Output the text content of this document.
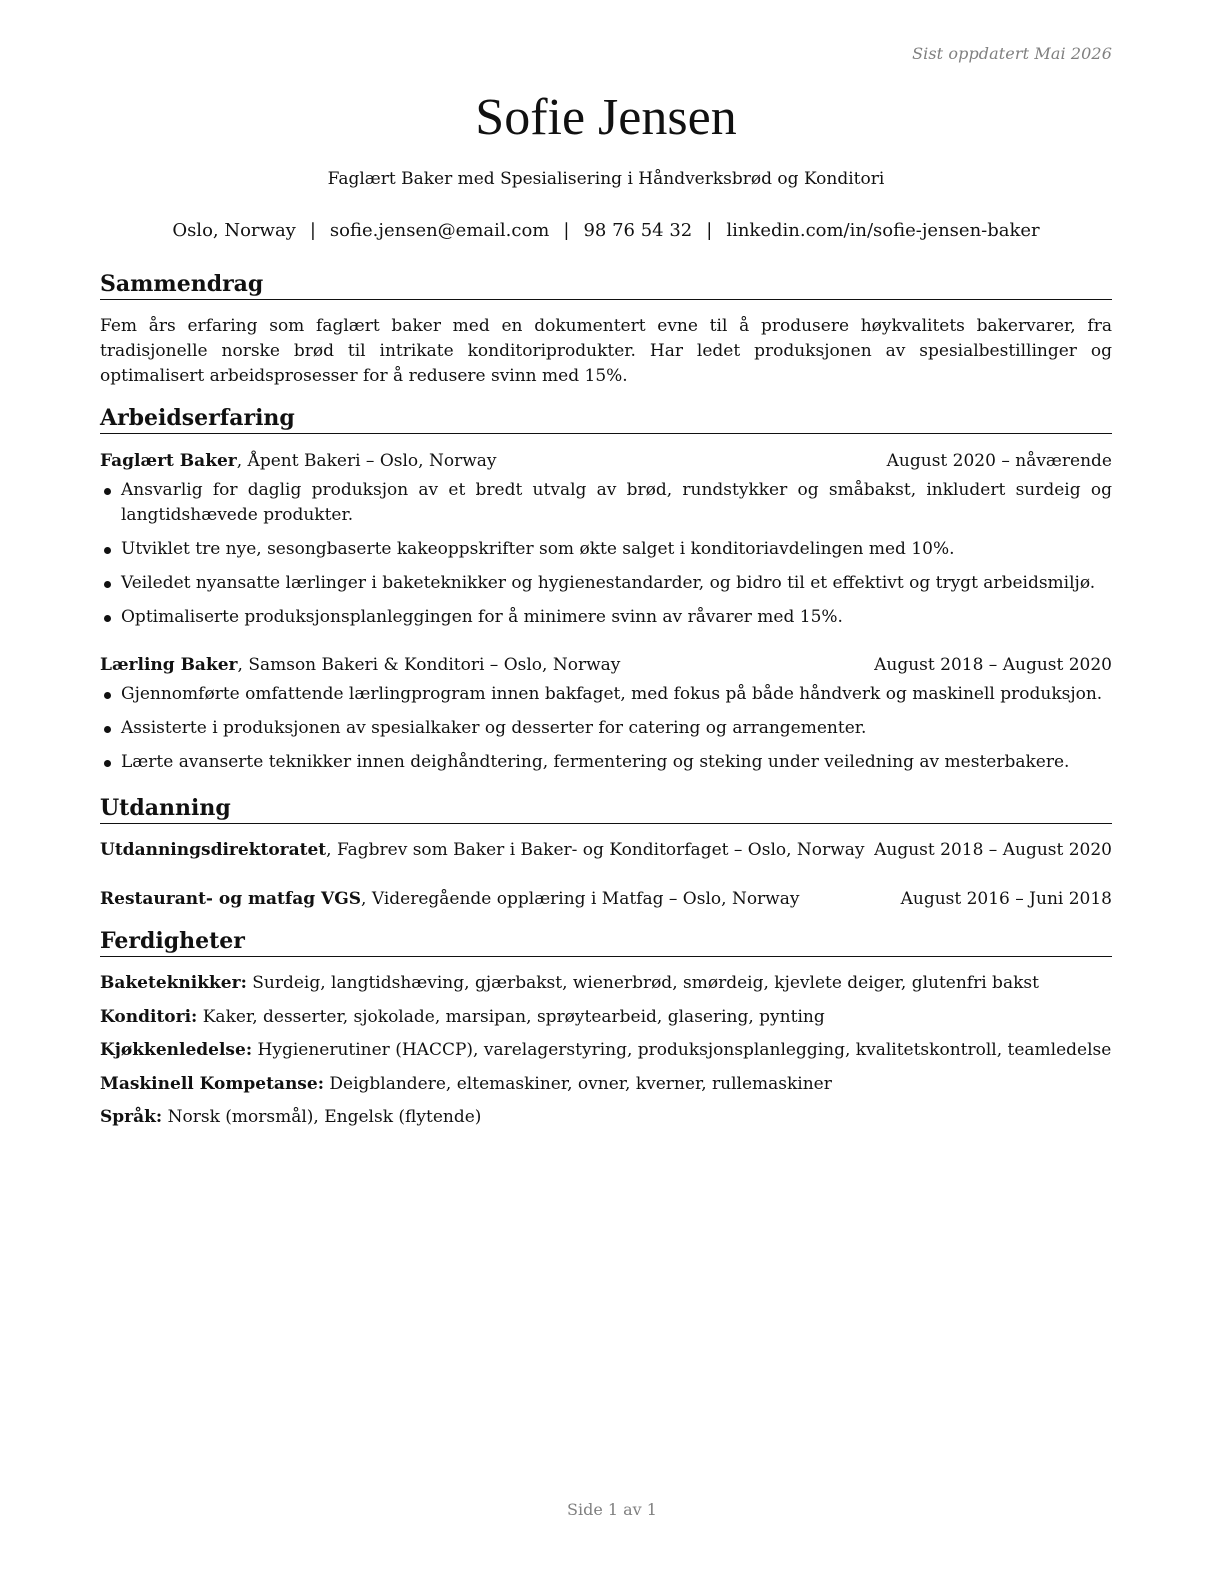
Sist oppdatert Mai 2026
Sofie Jensen
Faglært Baker med Spesialisering i Håndverksbrød og Konditori
Oslo, Norway | sofie.jensen@email.com | 98 76 54 32 | linkedin.com/in/sofie-jensen-baker
Sammendrag
Fem års erfaring som faglært baker med en dokumentert evne til å produsere høykvalitets bakervarer, fra tradisjonelle norske brød til intrikate konditoriprodukter. Har ledet produksjonen av spesialbestillinger og optimalisert arbeidsprosesser for å redusere svinn med 15%.
Arbeidserfaring
Faglært Baker, Åpent Bakeri – Oslo, Norway	August 2020 – nåværende
Ansvarlig for daglig produksjon av et bredt utvalg av brød, rundstykker og småbakst, inkludert surdeig og langtidshævede produkter.
Utviklet tre nye, sesongbaserte kakeoppskrifter som økte salget i konditoriavdelingen med 10%.
Veiledet nyansatte lærlinger i baketeknikker og hygienestandarder, og bidro til et effektivt og trygt arbeidsmiljø.
Optimaliserte produksjonsplanleggingen for å minimere svinn av råvarer med 15%.
Lærling Baker, Samson Bakeri & Konditori – Oslo, Norway	August 2018 – August 2020
Gjennomførte omfattende lærlingprogram innen bakfaget, med fokus på både håndverk og maskinell produksjon.
Assisterte i produksjonen av spesialkaker og desserter for catering og arrangementer.
Lærte avanserte teknikker innen deighåndtering, fermentering og steking under veiledning av mesterbakere.
Utdanning
Utdanningsdirektoratet, Fagbrev som Baker i Baker- og Konditorfaget – Oslo, Norway August 2018 – August 2020
Restaurant- og matfag VGS, Videregående opplæring i Matfag – Oslo, Norway	August 2016 – Juni 2018
Ferdigheter
Baketeknikker: Surdeig, langtidshæving, gjærbakst, wienerbrød, smørdeig, kjevlete deiger, glutenfri bakst
Konditori: Kaker, desserter, sjokolade, marsipan, sprøytearbeid, glasering, pynting
Kjøkkenledelse: Hygienerutiner (HACCP), varelagerstyring, produksjonsplanlegging, kvalitetskontroll, teamledelse
Maskinell Kompetanse: Deigblandere, eltemaskiner, ovner, kverner, rullemaskiner
Språk: Norsk (morsmål), Engelsk (flytende)
Side 1 av 1
